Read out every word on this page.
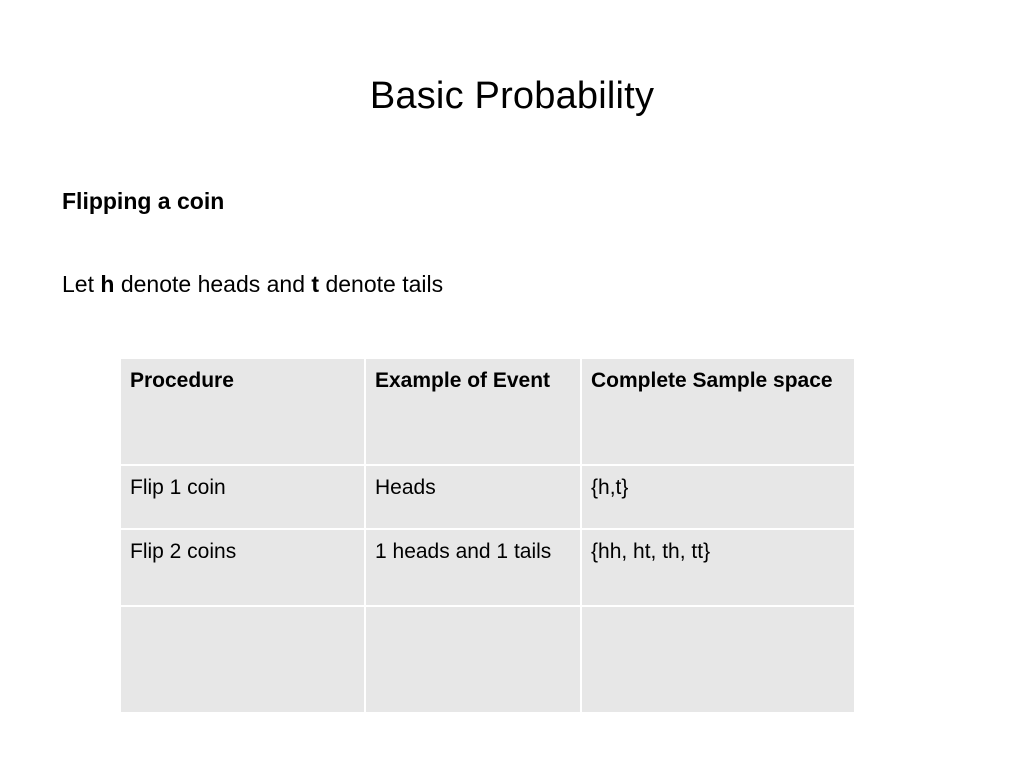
Basic Probability
Flipping a coin
Let h denote heads and t denote tails
Procedure	Example of Event	Complete Sample space
Flip 1 coin	Heads	{h,t}
Flip 2 coins	1 heads and 1 tails	{hh, ht, th, tt}
